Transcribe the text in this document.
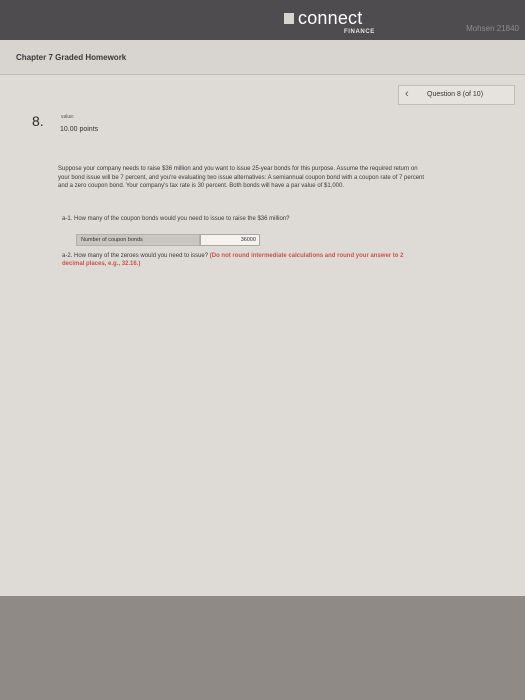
connect
FINANCE	Mohsen 21840
Chapter 7 Graded Homework
‹	Question 8 (of 10)
8.	value:
10.00 points

Suppose your company needs to raise $36 million and you want to issue 25-year bonds for this purpose. Assume the required return on your bond issue will be 7 percent, and you're evaluating two issue alternatives: A semiannual coupon bond with a coupon rate of 7 percent and a zero coupon bond. Your company's tax rate is 30 percent. Both bonds will have a par value of $1,000.

a-1. How many of the coupon bonds would you need to issue to raise the $36 million?
Number of coupon bonds	36000
a-2. How many of the zeroes would you need to issue? (Do not round intermediate calculations and round your answer to 2 decimal places, e.g., 32.16.)
